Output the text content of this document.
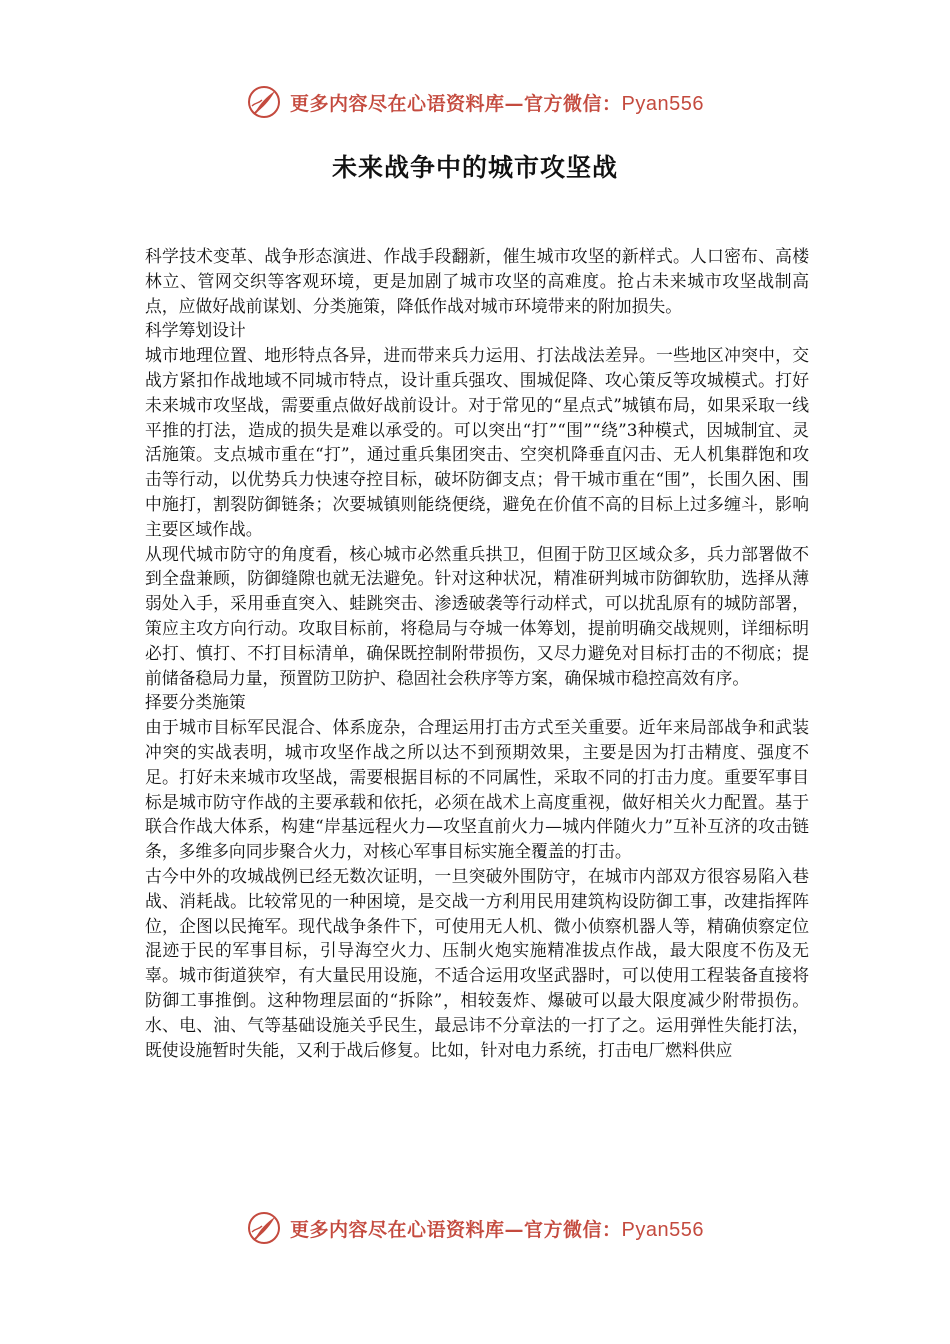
更多内容尽在心语资料库—官方微信：Pyan556
未来战争中的城市攻坚战

科学技术变革、战争形态演进、作战手段翻新，催生城市攻坚的新样式。人口密布、高楼林立、管网交织等客观环境，更是加剧了城市攻坚的高难度。抢占未来城市攻坚战制高点，应做好战前谋划、分类施策，降低作战对城市环境带来的附加损失。

科学筹划设计

城市地理位置、地形特点各异，进而带来兵力运用、打法战法差异。一些地区冲突中，交战方紧扣作战地域不同城市特点，设计重兵强攻、围城促降、攻心策反等攻城模式。打好未来城市攻坚战，需要重点做好战前设计。对于常见的“星点式”城镇布局，如果采取一线平推的打法，造成的损失是难以承受的。可以突出“打”“围”“绕”3种模式，因城制宜、灵活施策。支点城市重在“打”，通过重兵集团突击、空突机降垂直闪击、无人机集群饱和攻击等行动，以优势兵力快速夺控目标，破坏防御支点；骨干城市重在“围”，长围久困、围中施打，割裂防御链条；次要城镇则能绕便绕，避免在价值不高的目标上过多缠斗，影响主要区域作战。

从现代城市防守的角度看，核心城市必然重兵拱卫，但囿于防卫区域众多，兵力部署做不到全盘兼顾，防御缝隙也就无法避免。针对这种状况，精准研判城市防御软肋，选择从薄弱处入手，采用垂直突入、蛙跳突击、渗透破袭等行动样式，可以扰乱原有的城防部署，策应主攻方向行动。攻取目标前，将稳局与夺城一体筹划，提前明确交战规则，详细标明必打、慎打、不打目标清单，确保既控制附带损伤，又尽力避免对目标打击的不彻底；提前储备稳局力量，预置防卫防护、稳固社会秩序等方案，确保城市稳控高效有序。

择要分类施策

由于城市目标军民混合、体系庞杂，合理运用打击方式至关重要。近年来局部战争和武装冲突的实战表明，城市攻坚作战之所以达不到预期效果，主要是因为打击精度、强度不足。打好未来城市攻坚战，需要根据目标的不同属性，采取不同的打击力度。重要军事目标是城市防守作战的主要承载和依托，必须在战术上高度重视，做好相关火力配置。基于联合作战大体系，构建“岸基远程火力—攻坚直前火力—城内伴随火力”互补互济的攻击链条，多维多向同步聚合火力，对核心军事目标实施全覆盖的打击。

古今中外的攻城战例已经无数次证明，一旦突破外围防守，在城市内部双方很容易陷入巷战、消耗战。比较常见的一种困境，是交战一方利用民用建筑构设防御工事，改建指挥阵位，企图以民掩军。现代战争条件下，可使用无人机、微小侦察机器人等，精确侦察定位混迹于民的军事目标，引导海空火力、压制火炮实施精准拔点作战，最大限度不伤及无辜。城市街道狭窄，有大量民用设施，不适合运用攻坚武器时，可以使用工程装备直接将防御工事推倒。这种物理层面的“拆除”，相较轰炸、爆破可以最大限度减少附带损伤。水、电、油、气等基础设施关乎民生，最忌讳不分章法的一打了之。运用弹性失能打法，既使设施暂时失能，又利于战后修复。比如，针对电力系统，打击电厂燃料供应

更多内容尽在心语资料库—官方微信：Pyan556
